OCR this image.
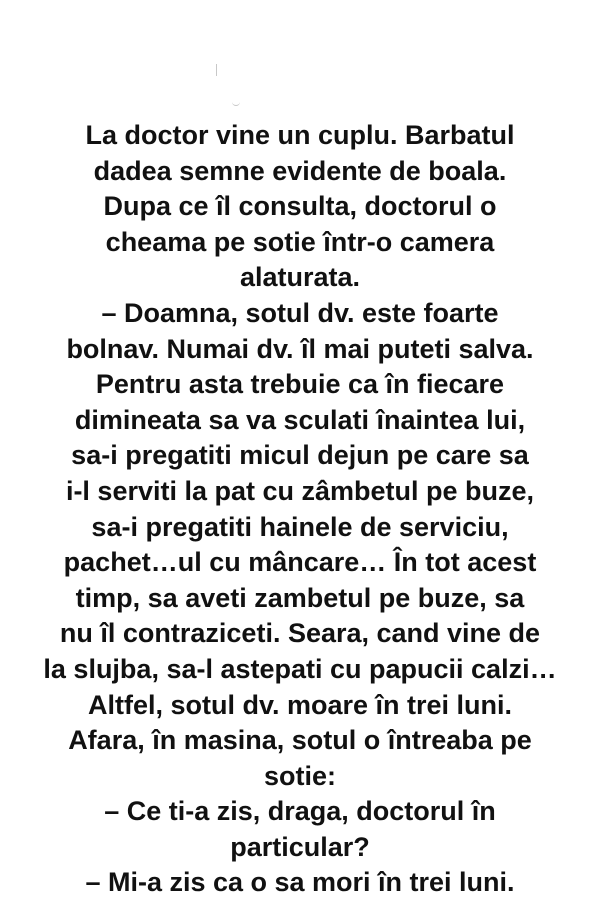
La doctor vine un cuplu. Barbatul
dadea semne evidente de boala.
Dupa ce îl consulta, doctorul o
cheama pe sotie într-o camera
alaturata.
– Doamna, sotul dv. este foarte
bolnav. Numai dv. îl mai puteti salva.
Pentru asta trebuie ca în fiecare
dimineata sa va sculati înaintea lui,
sa-i pregatiti micul dejun pe care sa
i-l serviti la pat cu zâmbetul pe buze,
sa-i pregatiti hainele de serviciu,
pachet…ul cu mâncare… În tot acest
timp, sa aveti zambetul pe buze, sa
nu îl contraziceti. Seara, cand vine de
la slujba, sa-l astepati cu papucii calzi…
Altfel, sotul dv. moare în trei luni.
Afara, în masina, sotul o întreaba pe
sotie:
– Ce ti-a zis, draga, doctorul în
particular?
– Mi-a zis ca o sa mori în trei luni.
